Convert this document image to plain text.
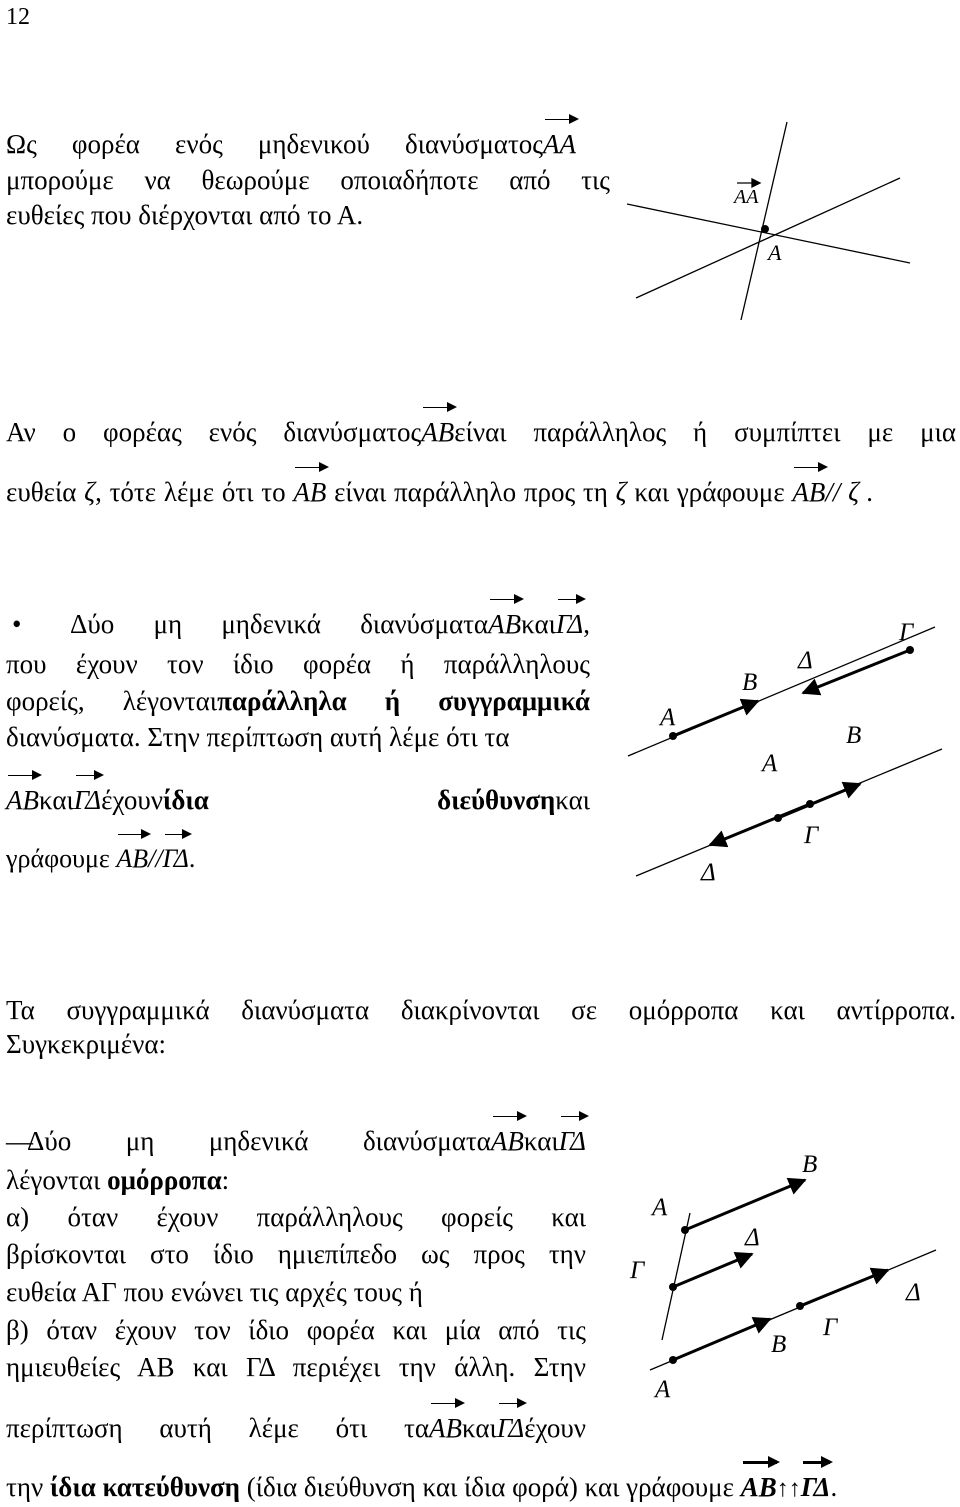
12
Ως φορέα ενός μηδενικού διανύσματοςΑΑ
μπορούμε να θεωρούμε οποιαδήποτε από τις
ευθείες που διέρχονται από το Α.
Αν ο φορέας ενός διανύσματοςΑΒείναι παράλληλος ή συμπίπτει με μια
ευθεία ζ, τότε λέμε ότι το ΑΒ είναι παράλληλο προς τη ζ και γράφουμε ΑΒ// ζ .
• Δύο μη μηδενικά διανύσματαΑΒκαιΓΔ,
που έχουν τον ίδιο φορέα ή παράλληλους
φορείς, λέγονταιπαράλληλα ή συγγραμμικά
διανύσματα. Στην περίπτωση αυτή λέμε ότι τα
ΑΒκαιΓΔέχουνίδια διεύθυνσηκαι
γράφουμε ΑΒ//ΓΔ.
Τα συγγραμμικά διανύσματα διακρίνονται σε ομόρροπα και αντίρροπα.
Συγκεκριμένα:
—Δύο μη μηδενικά διανύσματαΑΒκαιΓΔ
λέγονται ομόρροπα:
α) όταν έχουν παράλληλους φορείς και
βρίσκονται στο ίδιο ημιεπίπεδο ως προς την
ευθεία ΑΓ που ενώνει τις αρχές τους ή
β) όταν έχουν τον ίδιο φορέα και μία από τις
ημιευθείες ΑΒ και ΓΔ περιέχει την άλλη. Στην
περίπτωση αυτή λέμε ότι ταΑΒκαιΓΔέχουν
την ίδια κατεύθυνση (ίδια διεύθυνση και ίδια φορά) και γράφουμε ΑΒ↑↑ΓΔ.
ΑΑ
Α
Α
Β
Δ
Γ
Α
Β
Γ
Δ
Β
Α
Δ
Γ
Δ
Γ
Β
Α
